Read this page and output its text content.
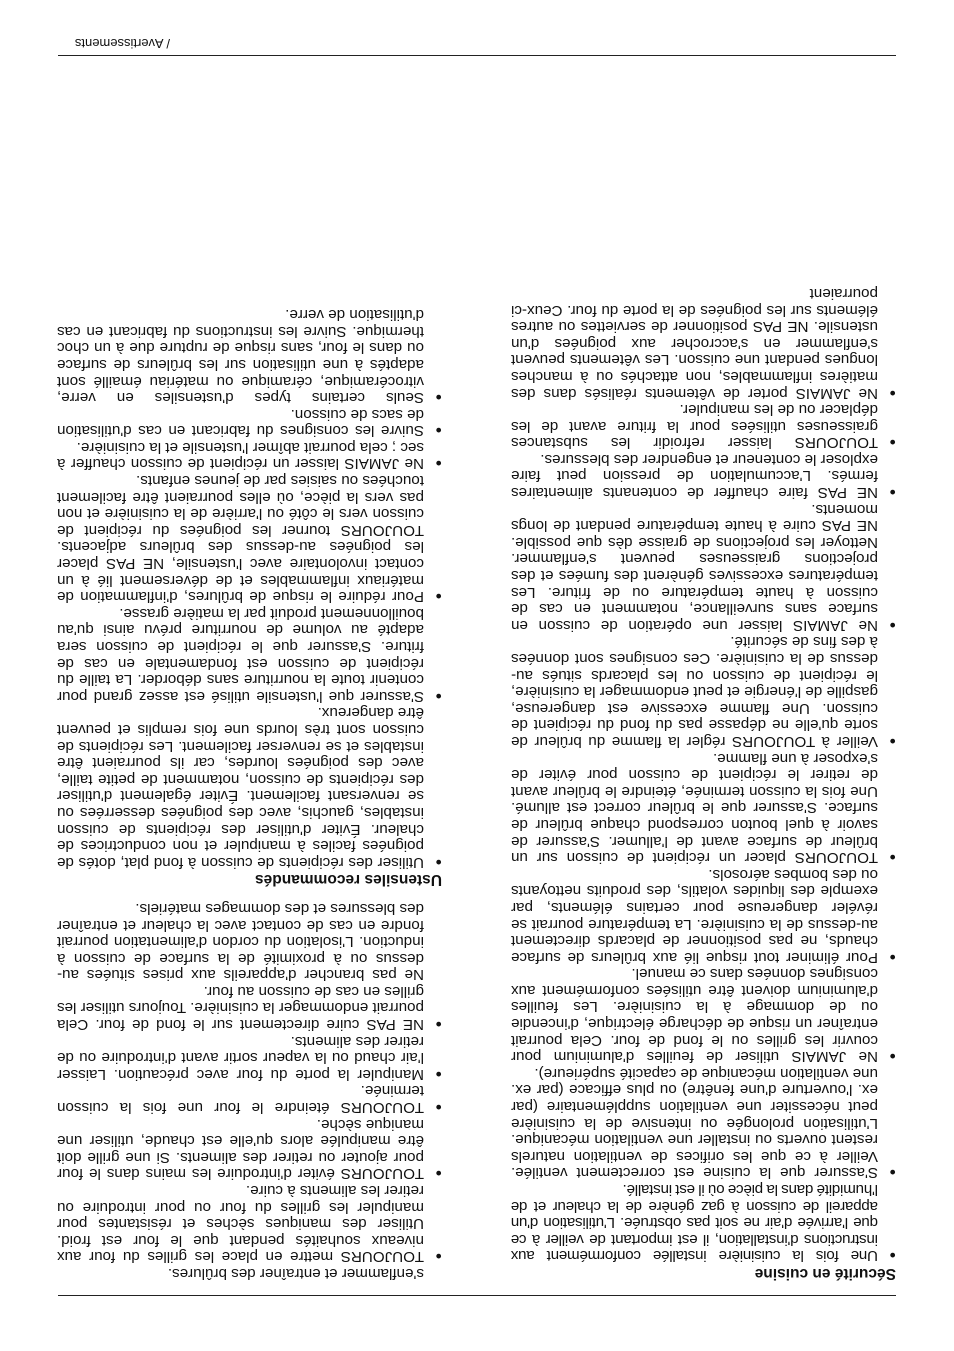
Sécurité en cuisine
● Une fois la cuisinière installée conformément aux instructions d'installation, il est important de veiller à ce que l'arrivée d'air ne soit pas obstruée. L'utilisation d'un appareil de cuisson à gaz génère de la chaleur et de l'humidité dans la pièce où il est installé.
● S'assurer que la cuisine est correctement ventilée. Veiller à ce que les orifices de ventilation naturels restent ouverts ou installer une ventilation mécanique. L'utilisation prolongée ou intensive de la cuisinière peut nécessiter une ventilation supplémentaire (par ex. l'ouverture d'une fenêtre) ou plus efficace (par ex. une ventilation mécanique de capacité supérieure).
● Ne JAMAIS utiliser de feuilles d'aluminium pour couvrir les grilles ou le fond de four. Cela pourrait entraîner un risque de décharge électrique, d'incendie ou de dommage à la cuisinière. Les feuilles d'aluminium doivent être utilisées conformément aux consignes données dans ce manuel.
● Pour éliminer tout risque lié aux brûleurs de surface chauds, ne pas positionner de placards directement au-dessus de la cuisinière. La température pourrait se révéler dangereuse pour certains éléments, par exemple des liquides volatils, des produits nettoyants ou des bombes aérosols.
● TOUJOURS placer un récipient de cuisson sur un brûleur de surface avant de l'allumer. S'assurer de savoir à quel bouton correspond chaque brûleur de surface. S'assurer que le brûleur correct est allumé. Une fois la cuisson terminée, éteindre le brûleur avant de retirer le récipient de cuisson pour éviter de s'exposer à une flamme.
● Veiller à TOUJOURS régler la flamme du brûleur de sorte qu'elle ne dépasse pas du fond du récipient de cuisson. Une flamme excessive est dangereuse, gaspille de l'énergie et peut endommager la cuisinière, le récipient de cuisson ou les placards situés au-dessus de la cuisinière. Ces consignes sont données à des fins de sécurité.
● Ne JAMAIS laisser une opération de cuisson en surface sans surveillance, notamment en cas de cuisson à haute température ou de friture. Les températures excessives génèrent des fumées et des projections graisseuses peuvent s'enflammer. Nettoyer les projections de graisse dès que possible. NE PAS cuire à haute température pendant de longs moments.
● NE PAS faire chauffer de contenants alimentaires fermés. L'accumulation de pression peut faire exploser le conteneur et engendrer des blessures.
● TOUJOURS laisser refroidir les substances graisseuses utilisées pour la friture avant de les déplacer ou de les manipuler.
● Ne JAMAIS porter de vêtements réalisés dans des matières inflammables, non attachés ou à manches longues pendant une cuisson. Les vêtements peuvent s'enflammer en s'accrocher aux poignées d'un ustensile. NE PAS positionner de serviettes ou autres éléments sur les poignées de la porte du four. Ceux-ci pourraient
s'enflammer et entraîner des brûlures.
● TOUJOURS mettre en place les grilles du four aux niveaux souhaités pendant que le four est froid. Utiliser des maniques sèches et résistantes pour manipuler les grilles du four ou pour introduire ou retirer les aliments à cuire.
● TOUJOURS éviter d'introduire les mains dans le four pour ajouter ou retirer des aliments. Si une grille doit être manipulée alors qu'elle est chaude, utiliser une manique sèche.
● TOUJOURS éteindre le four une fois la cuisson terminée.
● Manipuler la porte du four avec précaution. Laisser l'air chaud ou la vapeur sortir avant d'introduire ou de retirer des aliments.
● NE PAS cuire directement sur le fond de four. Cela pourrait endommager la cuisinière. Toujours utiliser les grilles en cas de cuisson au four.
Ne pas brancher d'appareils aux prises situées au-dessus ou à proximité de la surface de cuisson à induction. L'isolation du cordon d'alimentation pourrait fondre en cas de contact avec la chaleur et entraîner des blessures et des dommages matériels.
Ustensiles recommandés
● Utiliser des récipients de cuisson à fond plat, dotés de poignées faciles à manipuler et non conductrices de chaleur. Éviter d'utiliser des récipients de cuisson instables, gauchis, avec des poignées desserrées ou se renversant facilement. Éviter également d'utiliser des récipients de cuisson, notamment de petite taille, avec des poignées lourdes, car ils pourraient être instables et se renverser facilement. Les récipients de cuisson sont très lourds une fois remplis et peuvent être dangereux.
● S'assurer que l'ustensile utilisé est assez grand pour contenir toute la nourriture sans déborder. La taille du récipient de cuisson est fondamentale en cas de friture. S'assurer que le récipient de cuisson sera adapté au volume de nourriture prévu ainsi qu'au bouillonnement produit par la matière grasse.
● Pour réduire le risque de brûlures, d'inflammation de matériaux inflammables et de déversement lié à un contact involontaire avec l'ustensile, NE PAS placer les poignées au-dessus des brûleurs adjacents. TOUJOURS tourner les poignées du récipient de cuisson vers le côté ou l'arrière de la cuisinière et non pas vers la pièce, où elles pourraient être facilement touchées ou saisies par de jeunes enfants.
● Ne JAMAIS laisser un récipient de cuisson chauffer à sec ; cela pourrait abîmer l'ustensile et la cuisinière.
● Suivre les consignes du fabricant en cas d'utilisation de sacs de cuisson.
● Seuls certains types d'ustensiles en verre, vitrocéramique, céramique ou matériau émaillé sont adaptés à une utilisation sur les brûleurs de surface ou dans le four, sans risque de rupture due à un choc thermique. Suivre les instructions du fabricant en cas d'utilisation de verre.
/ Avertissements
